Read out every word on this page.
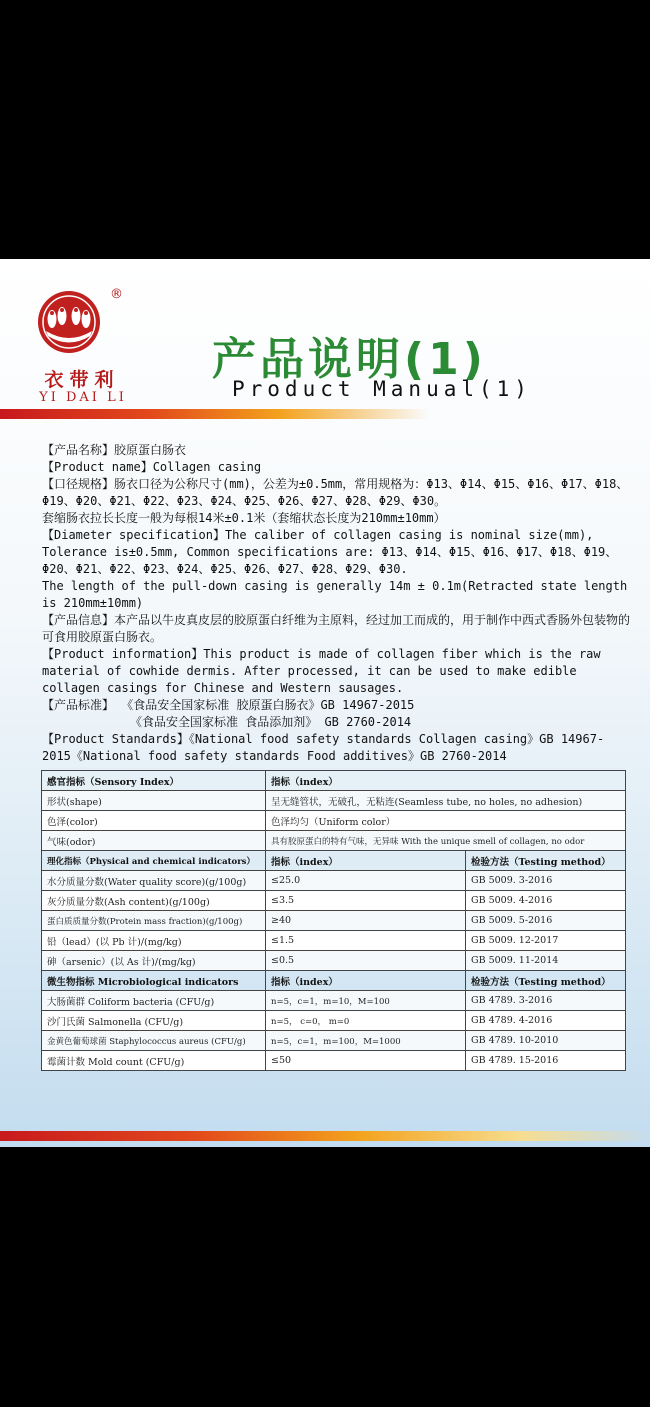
®
衣带利
YI DAI LI
产品说明(1)
Product Manual(1)

【产品名称】胶原蛋白肠衣

【Product name】Collagen casing

【口径规格】肠衣口径为公称尺寸(mm)，公差为±0.5mm，常用规格为：Φ13、Φ14、Φ15、Φ16、Φ17、Φ18、Φ19、Φ20、Φ21、Φ22、Φ23、Φ24、Φ25、Φ26、Φ27、Φ28、Φ29、Φ30。

套缩肠衣拉长长度一般为每根14米±0.1米（套缩状态长度为210mm±10mm）

【Diameter specification】The caliber of collagen casing is nominal size(mm), Tolerance is±0.5mm, Common specifications are: Φ13、Φ14、Φ15、Φ16、Φ17、Φ18、Φ19、Φ20、Φ21、Φ22、Φ23、Φ24、Φ25、Φ26、Φ27、Φ28、Φ29、Φ30.

The length of the pull-down casing is generally 14m ± 0.1m(Retracted state length is 210mm±10mm)

【产品信息】本产品以牛皮真皮层的胶原蛋白纤维为主原料，经过加工而成的，用于制作中西式香肠外包装物的可食用胶原蛋白肠衣。

【Product information】This product is made of collagen fiber which is the raw material of cowhide dermis. After processed, it can be used to make edible collagen casings for Chinese and Western sausages.

【产品标准】 《食品安全国家标准 胶原蛋白肠衣》GB 14967-2015

《食品安全国家标准 食品添加剂》 GB 2760-2014

【Product Standards】《National food safety standards Collagen casing》GB 14967-2015《National food safety standards Food additives》GB 2760-2014

感官指标（Sensory Index）	指标（index）	
形状(shape)	呈无缝管状，无破孔，无粘连(Seamless tube, no holes, no adhesion)	
色泽(color)	色泽均匀（Uniform color）	
气味(odor)	具有胶原蛋白的特有气味，无异味 With the unique smell of collagen, no odor	
理化指标（Physical and chemical indicators）	指标（index）	检验方法（Testing method）
水分质量分数(Water quality score)(g/100g)	≤25.0	GB 5009. 3-2016
灰分质量分数(Ash content)(g/100g)	≤3.5	GB 5009. 4-2016
蛋白质质量分数(Protein mass fraction)(g/100g)	≥40	GB 5009. 5-2016
铅（lead）(以 Pb 计)/(mg/kg)	≤1.5	GB 5009. 12-2017
砷（arsenic）(以 As 计)/(mg/kg)	≤0.5	GB 5009. 11-2014
微生物指标 Microbiological indicators	指标（index）	检验方法（Testing method）
大肠菌群 Coliform bacteria (CFU/g)	n=5，c=1，m=10，M=100	GB 4789. 3-2016
沙门氏菌 Salmonella (CFU/g)	n=5， c=0， m=0	GB 4789. 4-2016
金黄色葡萄球菌 Staphylococcus aureus (CFU/g)	n=5，c=1，m=100，M=1000	GB 4789. 10-2010
霉菌计数 Mold count (CFU/g)	≤50	GB 4789. 15-2016
